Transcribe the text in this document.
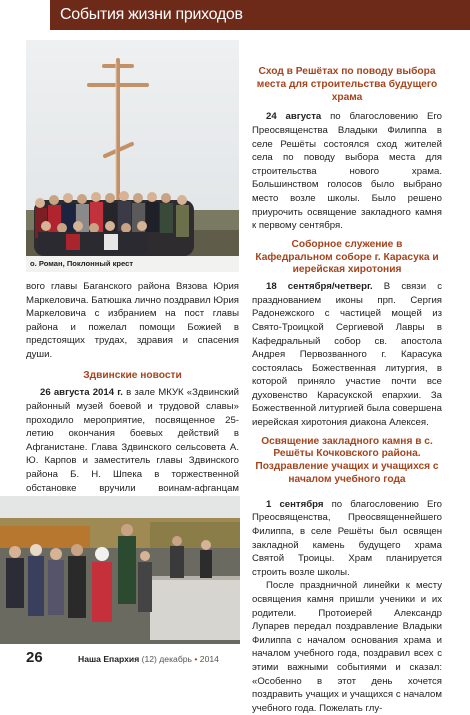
События жизни приходов
о. Роман, Поклонный крест

вого главы Баганского района Вязова Юрия Маркеловича. Батюшка лично поздравил Юрия Маркеловича с избранием на пост главы района и пожелал помощи Божией в предстоящих трудах, здравия и спасения души.

Здвинские новости

26 августа 2014 г. в зале МКУК «Здвинский районный музей боевой и трудовой славы» проходило мероприятие, посвященное 25-летию окончания боевых действий в Афганистане. Глава Здвинского сельсовета А. Ю. Карпов и заместитель главы Здвинского района Б. Н. Шпека в торжественной обстановке вручили воинам-афганцам

Сход в Решётах по поводу выбора места для строительства будущего храма

24 августа по благословению Его Преосвященства Владыки Филиппа в селе Решёты состоялся сход жителей села по поводу выбора места для строительства нового храма. Большинством голосов было выбрано место возле школы. Было решено приурочить освящение закладного камня к первому сентября.

Соборное служение в Кафедральном соборе г. Карасука и иерейская хиротония

18 сентября/четверг. В связи с празднованием иконы прп. Сергия Радонежского с частицей мощей из Свято-Троицкой Сергиевой Лавры в Кафедральный собор св. апостола Андрея Первозванного г. Карасука состоялась Божественная литургия, в которой приняло участие почти все духовенство Карасукской епархии. За Божественной литургией была совершена иерейская хиротония диакона Алексея.

Освящение закладного камня в с. Решёты Кочковского района. Поздравление учащих и учащихся с началом учебного года

1 сентября по благословению Его Преосвященства, Преосвященнейшего Филиппа, в селе Решёты был освящен закладной камень будущего храма Святой Троицы. Храм планируется строить возле школы.

После праздничной линейки к месту освящения камня пришли ученики и их родители. Протоиерей Александр Лупарев передал поздравление Владыки Филиппа с началом основания храма и началом учебного года, поздравил всех с этими важными событиями и сказал: «Особенно в этот день хочется поздравить учащих и учащихся с началом учебного года. Пожелать глу-

26	Наша Епархия (12) декабрь • 2014
